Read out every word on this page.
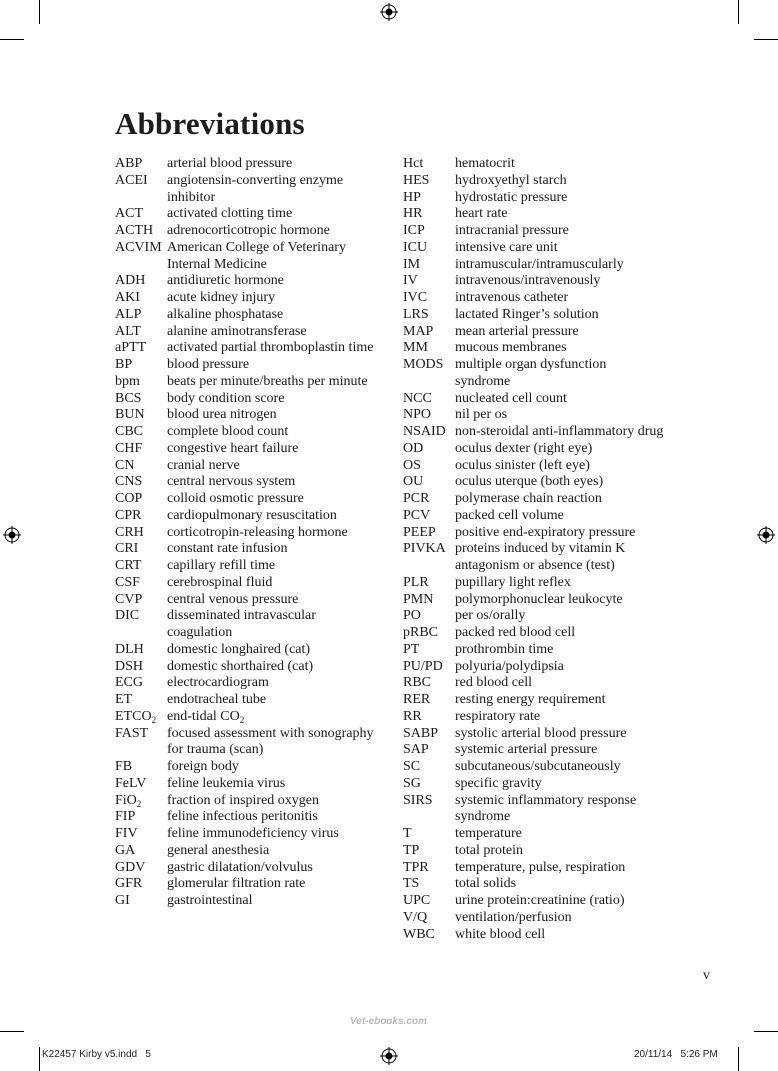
Abbreviations
ABP	arterial blood pressure
ACEI	angiotensin-converting enzyme inhibitor
ACT	activated clotting time
ACTH adrenocorticotropic hormone
ACVIM American College of Veterinary Internal Medicine
ADH	antidiuretic hormone
AKI	acute kidney injury
ALP	alkaline phosphatase
ALT	alanine aminotransferase
aPTT	activated partial thromboplastin time
BP	blood pressure
bpm	beats per minute/breaths per minute
BCS	body condition score
BUN	blood urea nitrogen
CBC	complete blood count
CHF	congestive heart failure
CN	cranial nerve
CNS	central nervous system
COP	colloid osmotic pressure
CPR	cardiopulmonary resuscitation
CRH	corticotropin-releasing hormone
CRI	constant rate infusion
CRT	capillary refill time
CSF	cerebrospinal fluid
CVP	central venous pressure
DIC	disseminated intravascular coagulation
DLH	domestic longhaired (cat)
DSH	domestic shorthaired (cat)
ECG	electrocardiogram
ET	endotracheal tube
$ETCO_2$ end-tidal $CO_2$
FAST	focused assessment with sonography for trauma (scan)
FB	foreign body
FeLV	feline leukemia virus
FiO$_2$	fraction of inspired oxygen
FIP	feline infectious peritonitis
FIV	feline immunodeficiency virus
GA	general anesthesia
GDV	gastric dilatation/volvulus
GFR	glomerular filtration rate
GI	gastrointestinal
Hct	hematocrit
HES	hydroxyethyl starch
HP	hydrostatic pressure
HR	heart rate
ICP	intracranial pressure
ICU	intensive care unit
IM	intramuscular/intramuscularly
IV	intravenous/intravenously
IVC	intravenous catheter
LRS	lactated Ringer’s solution
MAP	mean arterial pressure
MM	mucous membranes
MODS multiple organ dysfunction syndrome
NCC	nucleated cell count
NPO	nil per os
NSAID non-steroidal anti-inflammatory drug
OD	oculus dexter (right eye)
OS	oculus sinister (left eye)
OU	oculus uterque (both eyes)
PCR	polymerase chain reaction
PCV	packed cell volume
PEEP	positive end-expiratory pressure
PIVKA proteins induced by vitamin K antagonism or absence (test)
PLR	pupillary light reflex
PMN	polymorphonuclear leukocyte
PO	per os/orally
pRBC	packed red blood cell
PT	prothrombin time
PU/PD polyuria/polydipsia
RBC	red blood cell
RER	resting energy requirement
RR	respiratory rate
SABP	systolic arterial blood pressure
SAP	systemic arterial pressure
SC	subcutaneous/subcutaneously
SG	specific gravity
SIRS	systemic inflammatory response syndrome
T	temperature
TP	total protein
TPR	temperature, pulse, respiration
TS	total solids
UPC	urine protein:creatinine (ratio)
V/Q	ventilation/perfusion
WBC	white blood cell
v
Vet-ebooks.com
K22457 Kirby v5.indd   5	20/11/14   5:26 PM
